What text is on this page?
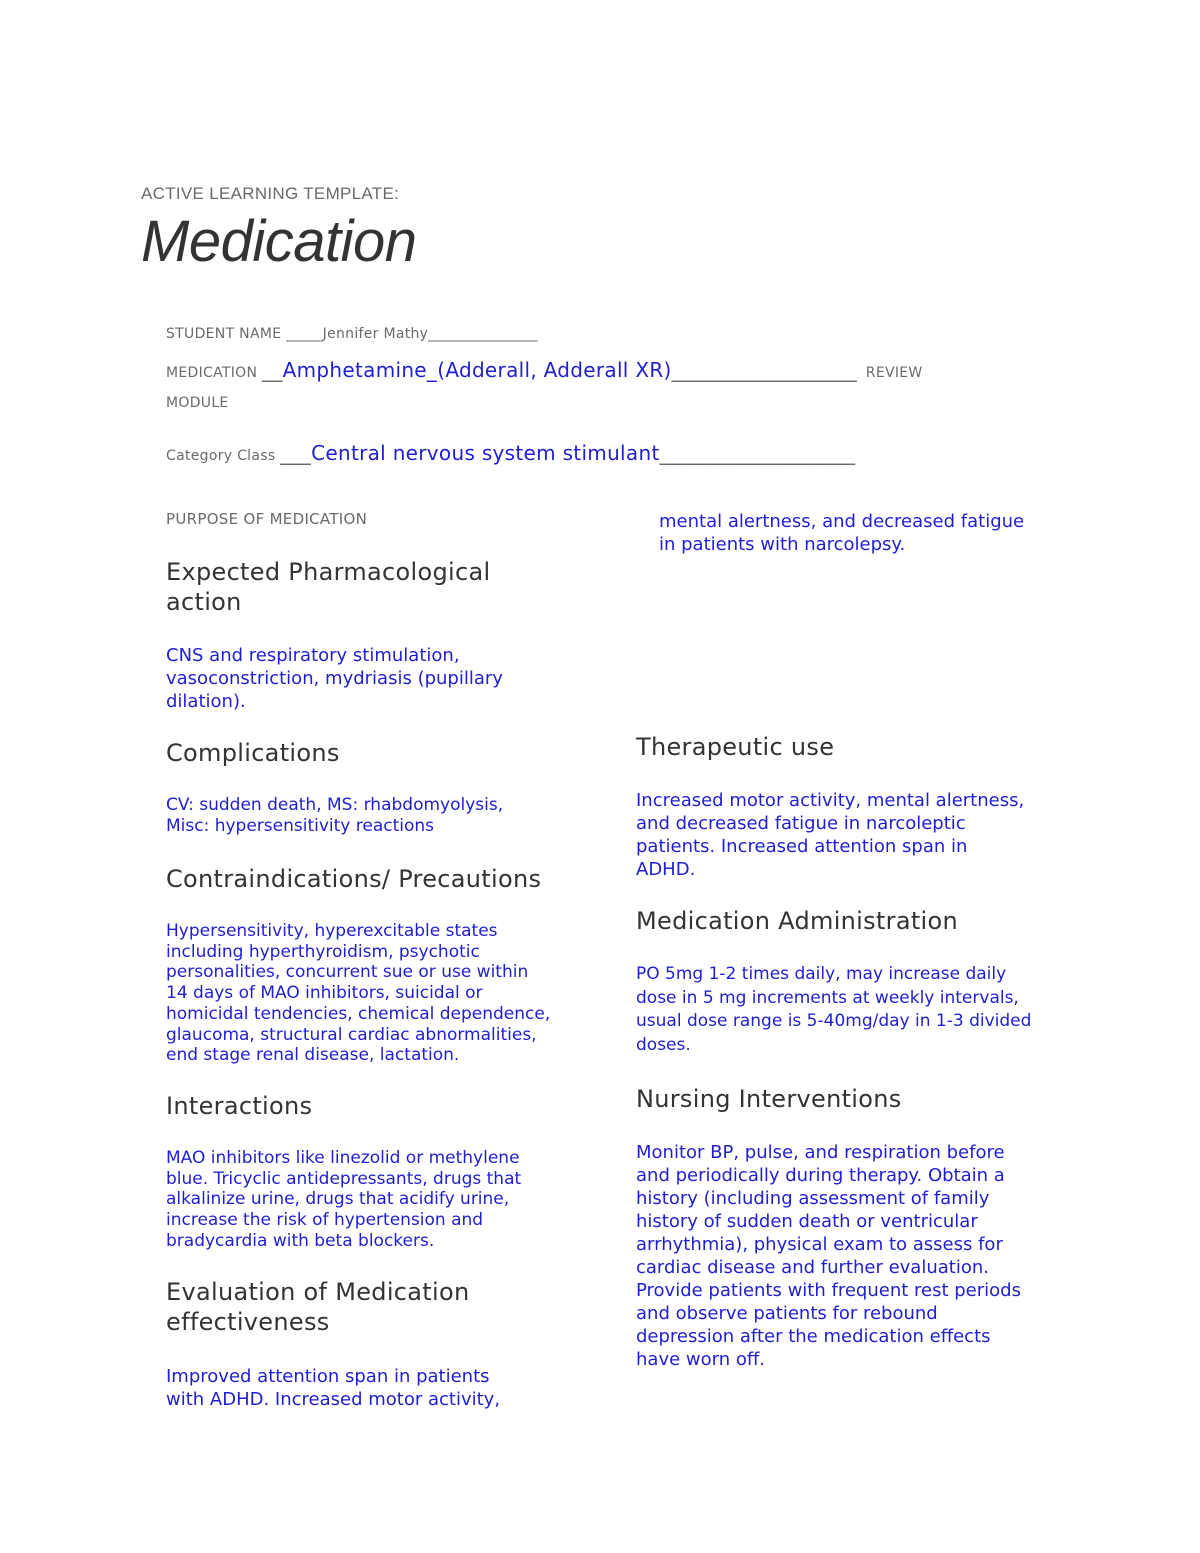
ACTIVE LEARNING TEMPLATE:
Medication
STUDENT NAME _____Jennifer Mathy_______________
MEDICATION __Amphetamine_(Adderall, Adderall XR)__________________ REVIEW
MODULE
Category Class ___Central nervous system stimulant___________________
PURPOSE OF MEDICATION
Expected Pharmacological
action
CNS and respiratory stimulation,
vasoconstriction, mydriasis (pupillary
dilation).
Complications
CV: sudden death, MS: rhabdomyolysis,
Misc: hypersensitivity reactions
Contraindications/ Precautions
Hypersensitivity, hyperexcitable states
including hyperthyroidism, psychotic
personalities, concurrent sue or use within
14 days of MAO inhibitors, suicidal or
homicidal tendencies, chemical dependence,
glaucoma, structural cardiac abnormalities,
end stage renal disease, lactation.
Interactions
MAO inhibitors like linezolid or methylene
blue. Tricyclic antidepressants, drugs that
alkalinize urine, drugs that acidify urine,
increase the risk of hypertension and
bradycardia with beta blockers.
Evaluation of Medication
effectiveness
Improved attention span in patients
with ADHD. Increased motor activity,
mental alertness, and decreased fatigue
in patients with narcolepsy.
Therapeutic use
Increased motor activity, mental alertness,
and decreased fatigue in narcoleptic
patients. Increased attention span in
ADHD.
Medication Administration
PO 5mg 1-2 times daily, may increase daily
dose in 5 mg increments at weekly intervals,
usual dose range is 5-40mg/day in 1-3 divided
doses.
Nursing Interventions
Monitor BP, pulse, and respiration before
and periodically during therapy. Obtain a
history (including assessment of family
history of sudden death or ventricular
arrhythmia), physical exam to assess for
cardiac disease and further evaluation.
Provide patients with frequent rest periods
and observe patients for rebound
depression after the medication effects
have worn off.
